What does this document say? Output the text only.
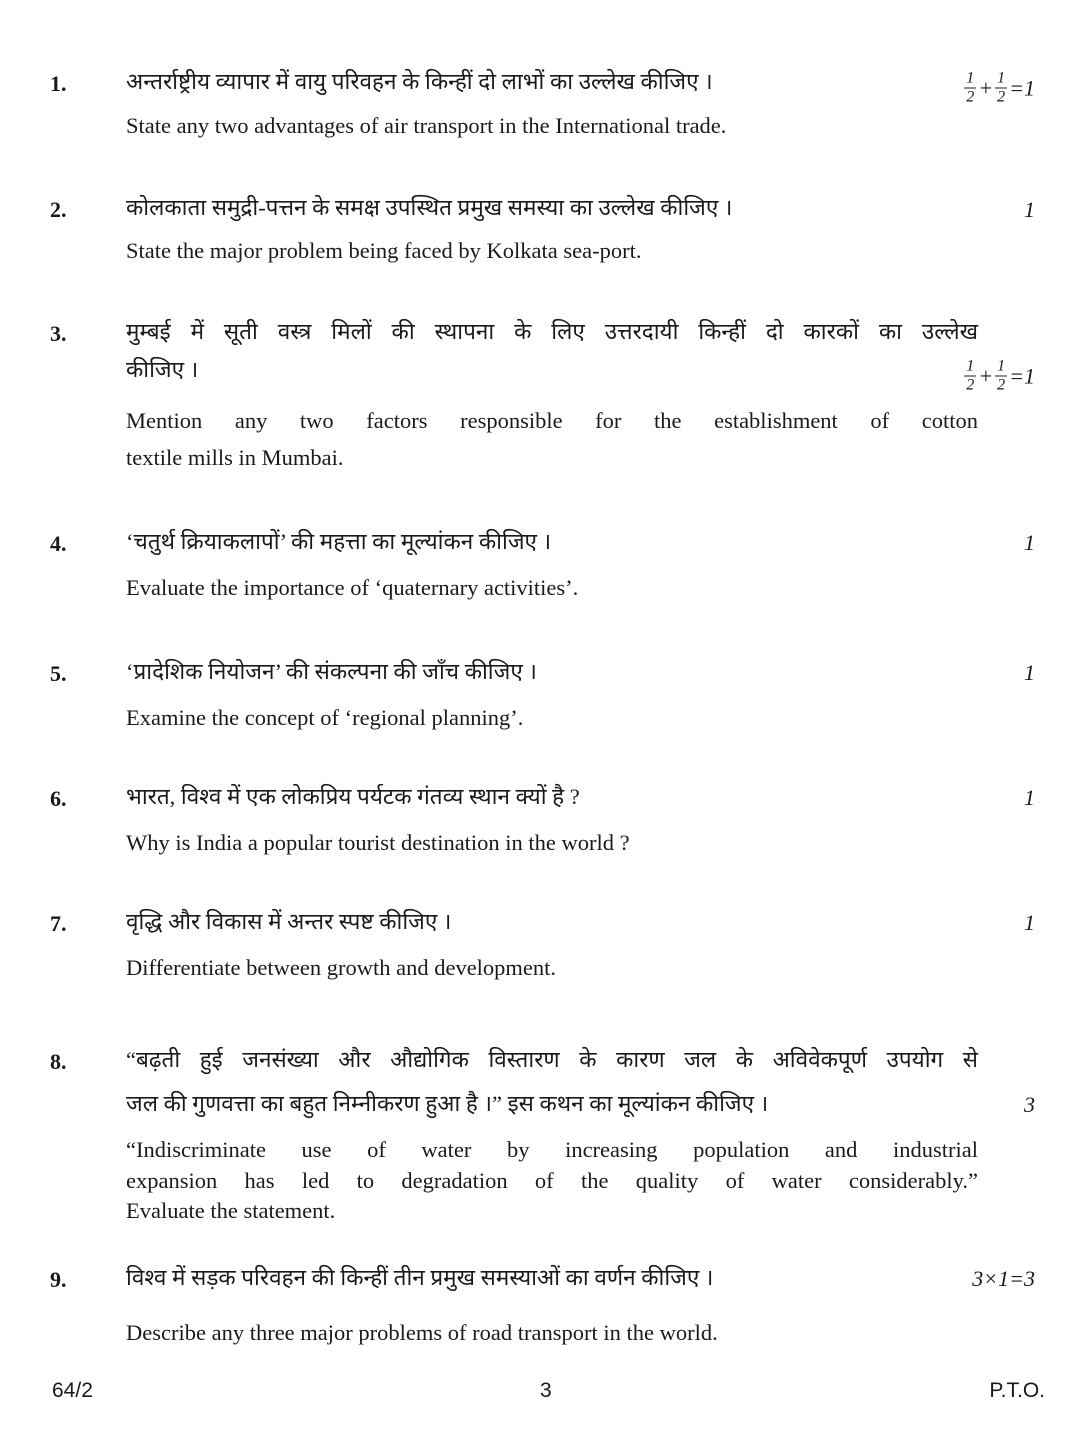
1.	अन्तर्राष्ट्रीय व्यापार में वायु परिवहन के किन्हीं दो लाभों का उल्लेख कीजिए ।
State any two advantages of air transport in the International trade.
$\frac{1}{2} + \frac{1}{2} =1$
2.	कोलकाता समुद्री-पत्तन के समक्ष उपस्थित प्रमुख समस्या का उल्लेख कीजिए ।
State the major problem being faced by Kolkata sea-port.
1
3.	मुम्बई में सूती वस्त्र मिलों की स्थापना के लिए उत्तरदायी किन्हीं दो कारकों का उल्लेख
कीजिए ।
Mention any two factors responsible for the establishment of cotton
textile mills in Mumbai.
$\frac{1}{2} + \frac{1}{2} =1$
4.	‘चतुर्थ क्रियाकलापों’ की महत्ता का मूल्यांकन कीजिए ।
Evaluate the importance of ‘quaternary activities’.
1
5.	‘प्रादेशिक नियोजन’ की संकल्पना की जाँच कीजिए ।
Examine the concept of ‘regional planning’.
1
6.	भारत, विश्व में एक लोकप्रिय पर्यटक गंतव्य स्थान क्यों है ?
Why is India a popular tourist destination in the world ?
1
7.	वृद्धि और विकास में अन्तर स्पष्ट कीजिए ।
Differentiate between growth and development.
1
8.	“बढ़ती हुई जनसंख्या और औद्योगिक विस्तारण के कारण जल के अविवेकपूर्ण उपयोग से
जल की गुणवत्ता का बहुत निम्नीकरण हुआ है ।” इस कथन का मूल्यांकन कीजिए ।
“Indiscriminate use of water by increasing population and industrial
expansion has led to degradation of the quality of water considerably.”
Evaluate the statement.
3
9.	विश्व में सड़क परिवहन की किन्हीं तीन प्रमुख समस्याओं का वर्णन कीजिए ।
Describe any three major problems of road transport in the world.
3×1=3
64/2	3	P.T.O.
